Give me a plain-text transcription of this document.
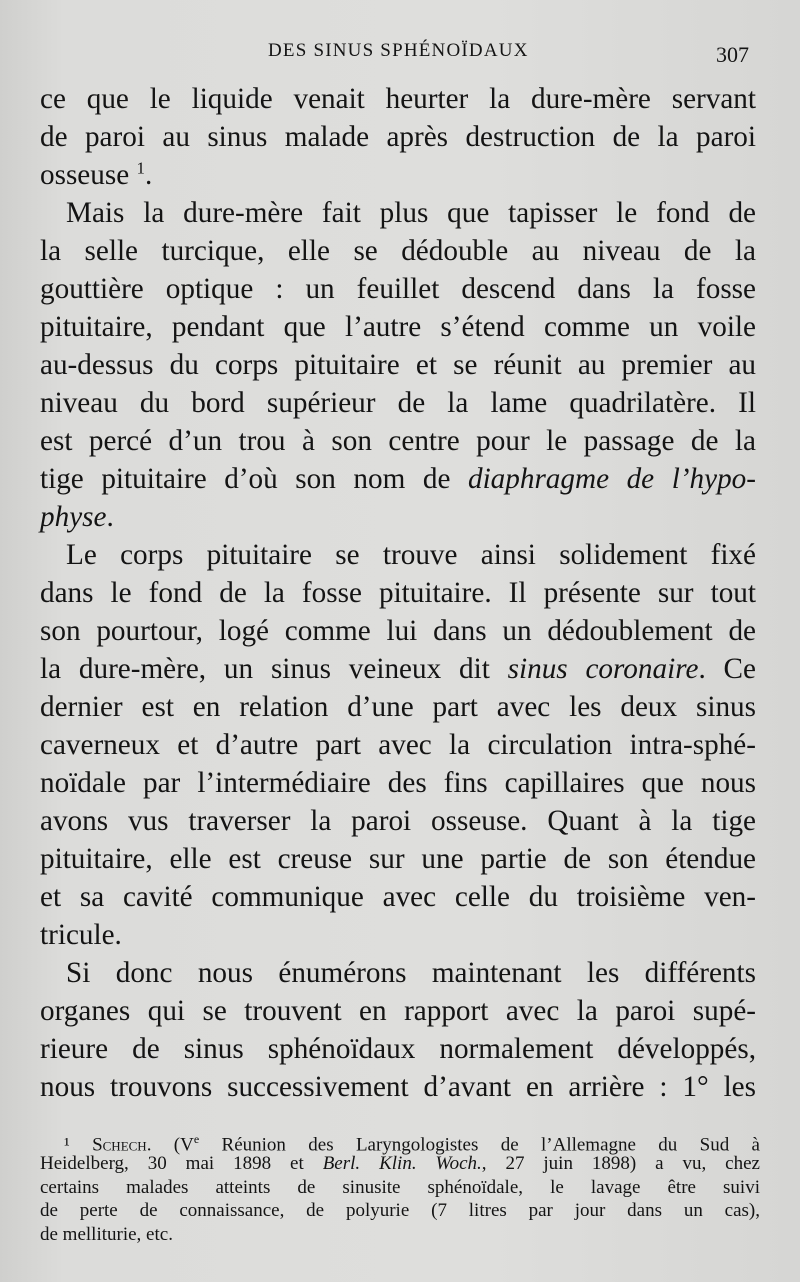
DES SINUS SPHÉNOÏDAUX	307
ce que le liquide venait heurter la dure-mère servant
de paroi au sinus malade après destruction de la paroi
osseuse $^1$.
Mais la dure-mère fait plus que tapisser le fond de
la selle turcique, elle se dédouble au niveau de la
gouttière optique : un feuillet descend dans la fosse
pituitaire, pendant que l’autre s’étend comme un voile
au-dessus du corps pituitaire et se réunit au premier au
niveau du bord supérieur de la lame quadrilatère. Il
est percé d’un trou à son centre pour le passage de la
tige pituitaire d’où son nom de diaphragme de l’hypo-
physe.
Le corps pituitaire se trouve ainsi solidement fixé
dans le fond de la fosse pituitaire. Il présente sur tout
son pourtour, logé comme lui dans un dédoublement de
la dure-mère, un sinus veineux dit sinus coronaire. Ce
dernier est en relation d’une part avec les deux sinus
caverneux et d’autre part avec la circulation intra-sphé-
noïdale par l’intermédiaire des fins capillaires que nous
avons vus traverser la paroi osseuse. Quant à la tige
pituitaire, elle est creuse sur une partie de son étendue
et sa cavité communique avec celle du troisième ven-
tricule.
Si donc nous énumérons maintenant les différents
organes qui se trouvent en rapport avec la paroi supé-
rieure de sinus sphénoïdaux normalement développés,
nous trouvons successivement d’avant en arrière : 1° les
¹ Schech. (Ve Réunion des Laryngologistes de l’Allemagne du Sud à
Heidelberg, 30 mai 1898 et Berl. Klin. Woch., 27 juin 1898) a vu, chez
certains malades atteints de sinusite sphénoïdale, le lavage être suivi
de perte de connaissance, de polyurie (7 litres par jour dans un cas),
de melliturie, etc.
